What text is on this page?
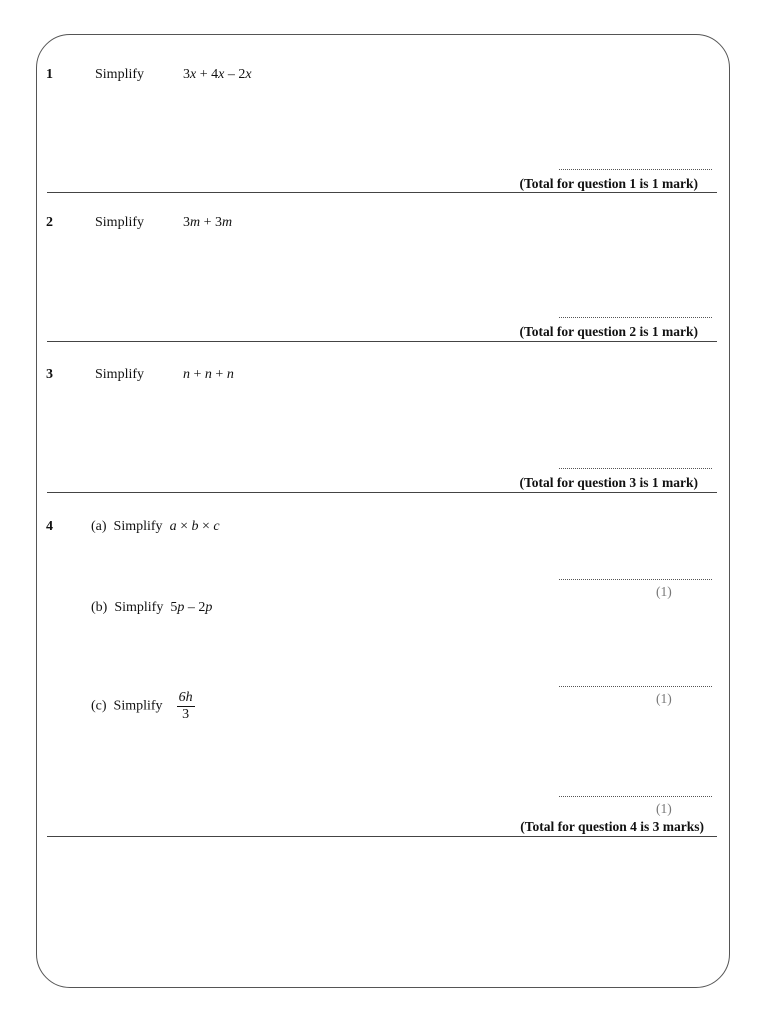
1	Simplify	3x + 4x – 2x
(Total for question 1 is 1 mark)
2	Simplify	3m + 3m
(Total for question 2 is 1 mark)
3	Simplify	n + n + n
(Total for question 3 is 1 mark)
4	(a) Simplify a × b × c
(1)
(b) Simplify 5p – 2p
(1)
(c) Simplify $\frac{6h}{3}$
(1)
(Total for question 4 is 3 marks)
